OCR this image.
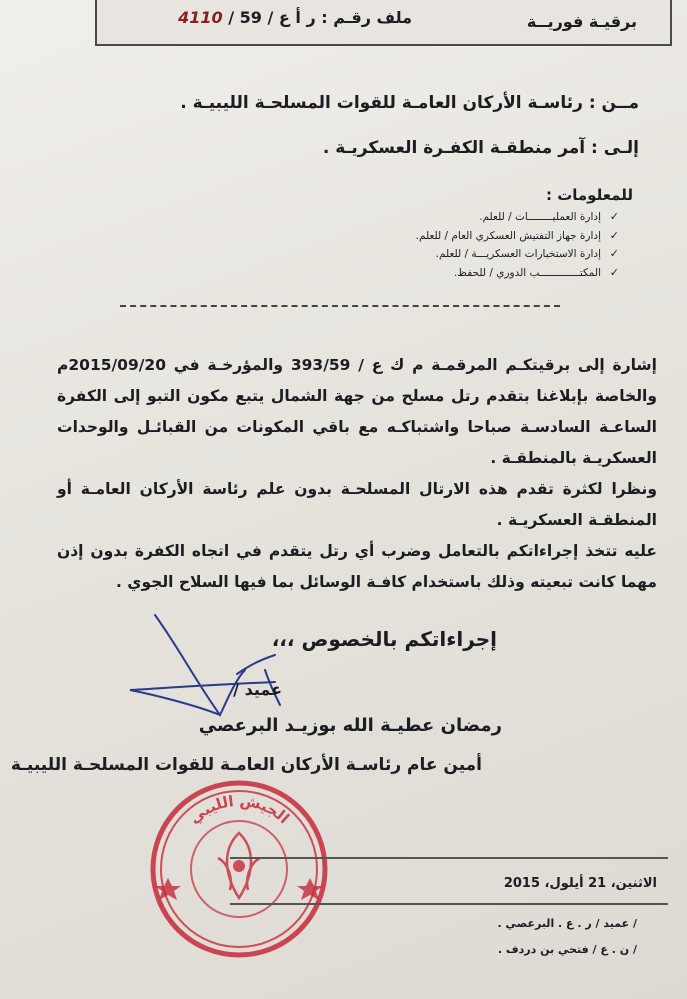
برقيـة فوريــة
ملف رقـم : ر أ ع / 59 / 4110
مــن : رئاسـة الأركان العامـة للقوات المسلحـة الليبيـة .
إلـى : آمر منطقـة الكفـرة العسكريـة .
للمعلومات :
✓إدارة العمليــــــــات / للعلم.
✓إدارة جهاز التفتيش العسكري العام / للعلم.
✓إدارة الاستخبارات العسكريـــة / للعلم.
✓المكتـــــــــــــب الدوري / للحفظ.

إشارة إلى برقيتكـم المرقمـة م ك ع / 393/59 والمؤرخـة في 2015/09/20م والخاصة بإبلاغنا بتقدم رتل مسلح من جهة الشمال يتبع مكون التبو إلى الكفرة الساعـة السادسـة صباحا واشتباكـه مع باقي المكونات من القبائـل والوحدات العسكريـة بالمنطقـة .

ونظرا لكثرة تقدم هذه الارتال المسلحـة بدون علم رئاسة الأركان العامـة أو المنطقـة العسكريـة .

عليه تتخذ إجراءاتكم بالتعامل وضرب أي رتل يتقدم في اتجاه الكفرة بدون إذن مهما كانت تبعيته وذلك باستخدام كافـة الوسائل بما فيها السلاح الجوي .

إجراءاتكم بالخصوص ،،،
عميد /
رمضان عطيـة الله بوزيـد البرعصي
أمين عام رئاسـة الأركان العامـة للقوات المسلحـة الليبيـة
الجيش الليبي
الاثنين، 21 أيلول، 2015
/ عميد / ر . ع . البرعصي .
/ ن . ع / فتحي بن دردف .
